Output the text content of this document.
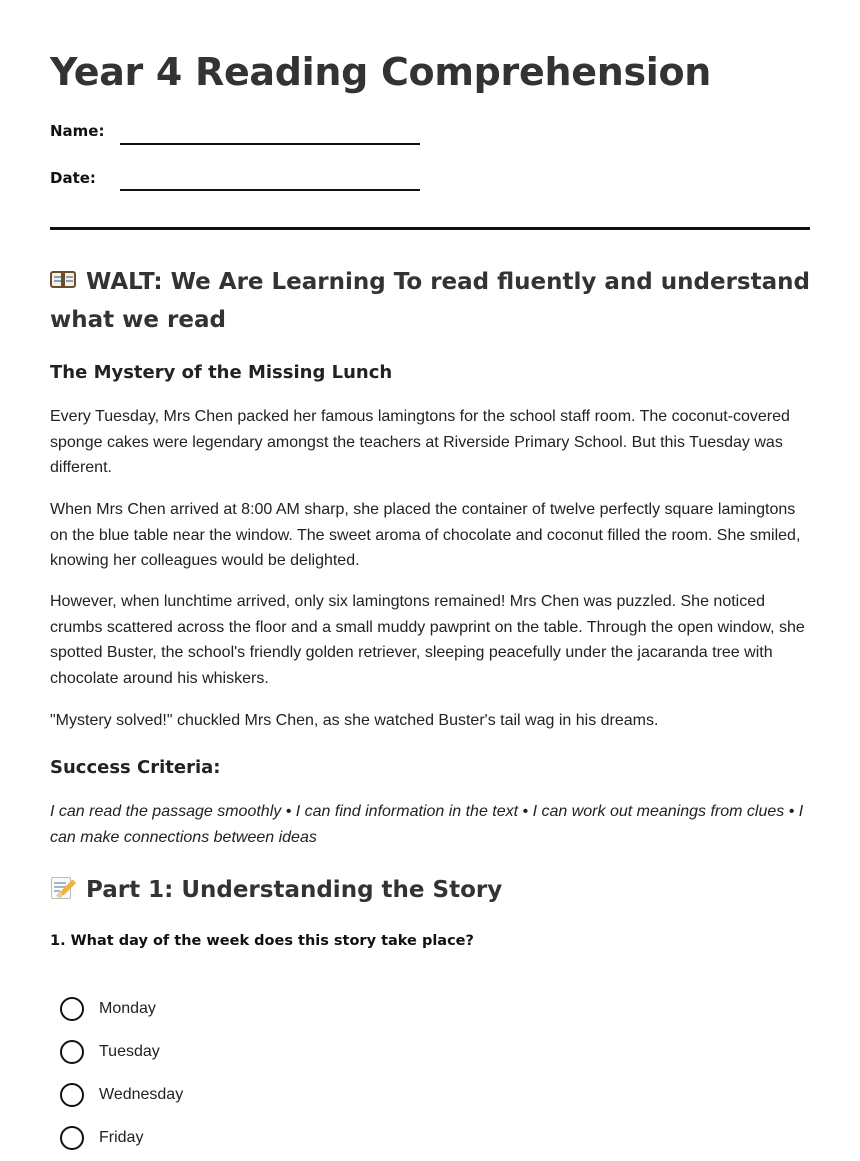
Year 4 Reading Comprehension
Name:
Date:
WALT: We Are Learning To read fluently and understand what we read
The Mystery of the Missing Lunch

Every Tuesday, Mrs Chen packed her famous lamingtons for the school staff room. The coconut-covered sponge cakes were legendary amongst the teachers at Riverside Primary School. But this Tuesday was different.

When Mrs Chen arrived at 8:00 AM sharp, she placed the container of twelve perfectly square lamingtons on the blue table near the window. The sweet aroma of chocolate and coconut filled the room. She smiled, knowing her colleagues would be delighted.

However, when lunchtime arrived, only six lamingtons remained! Mrs Chen was puzzled. She noticed crumbs scattered across the floor and a small muddy pawprint on the table. Through the open window, she spotted Buster, the school's friendly golden retriever, sleeping peacefully under the jacaranda tree with chocolate around his whiskers.

"Mystery solved!" chuckled Mrs Chen, as she watched Buster's tail wag in his dreams.

Success Criteria:

I can read the passage smoothly • I can find information in the text • I can work out meanings from clues • I can make connections between ideas

Part 1: Understanding the Story
1. What day of the week does this story take place?
Monday
Tuesday
Wednesday
Friday
